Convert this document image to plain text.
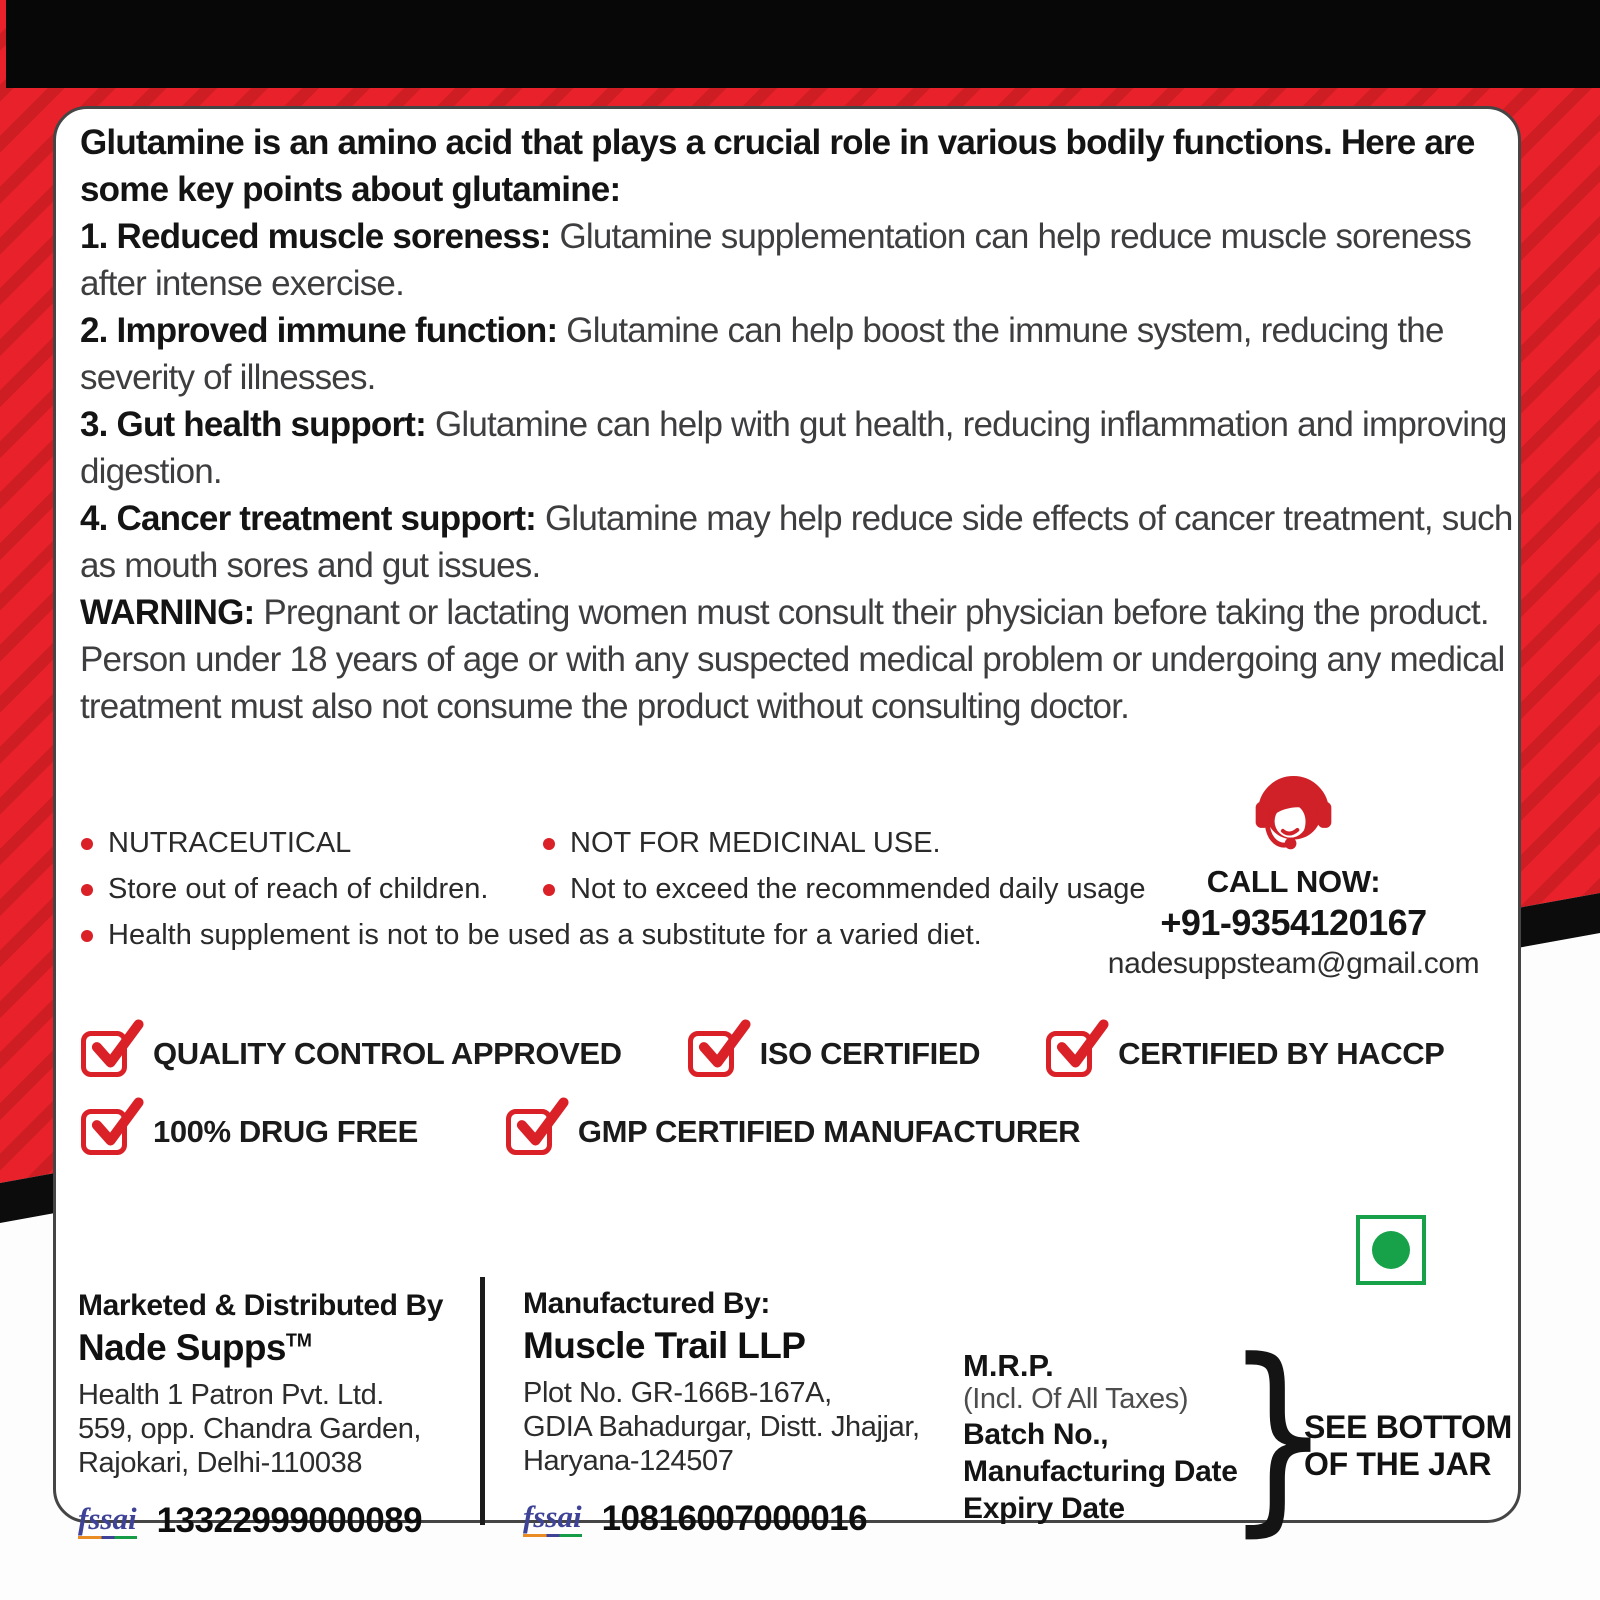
Glutamine is an amino acid that plays a crucial role in various bodily functions. Here are some key points about glutamine:

1. Reduced muscle soreness: Glutamine supplementation can help reduce muscle soreness after intense exercise.

2. Improved immune function: Glutamine can help boost the immune system, reducing the severity of illnesses.

3. Gut health support: Glutamine can help with gut health, reducing inflammation and improving digestion.

4. Cancer treatment support: Glutamine may help reduce side effects of cancer treatment, such as mouth sores and gut issues.

WARNING: Pregnant or lactating women must consult their physician before taking the product. Person under 18 years of age or with any suspected medical problem or undergoing any medical treatment must also not consume the product without consulting doctor.

NUTRACEUTICAL	NOT FOR MEDICINAL USE.
Store out of reach of children.	Not to exceed the recommended daily usage
Health supplement is not to be used as a substitute for a varied diet.
CALL NOW:
+91-9354120167
nadesuppsteam@gmail.com
QUALITY CONTROL APPROVED	ISO CERTIFIED	CERTIFIED BY HACCP
100% DRUG FREE	GMP CERTIFIED MANUFACTURER
Marketed & Distributed By
Nade Supps™
Health 1 Patron Pvt. Ltd.
559, opp. Chandra Garden,
Rajokari, Delhi-110038
fssai 13322999000089
Manufactured By:
Muscle Trail LLP
Plot No. GR-166B-167A,
GDIA Bahadurgar, Distt. Jhajjar,
Haryana-124507
fssai 10816007000016
M.R.P.
(Incl. Of All Taxes)
Batch No.,
Manufacturing Date
Expiry Date }
SEE BOTTOM
OF THE JAR
